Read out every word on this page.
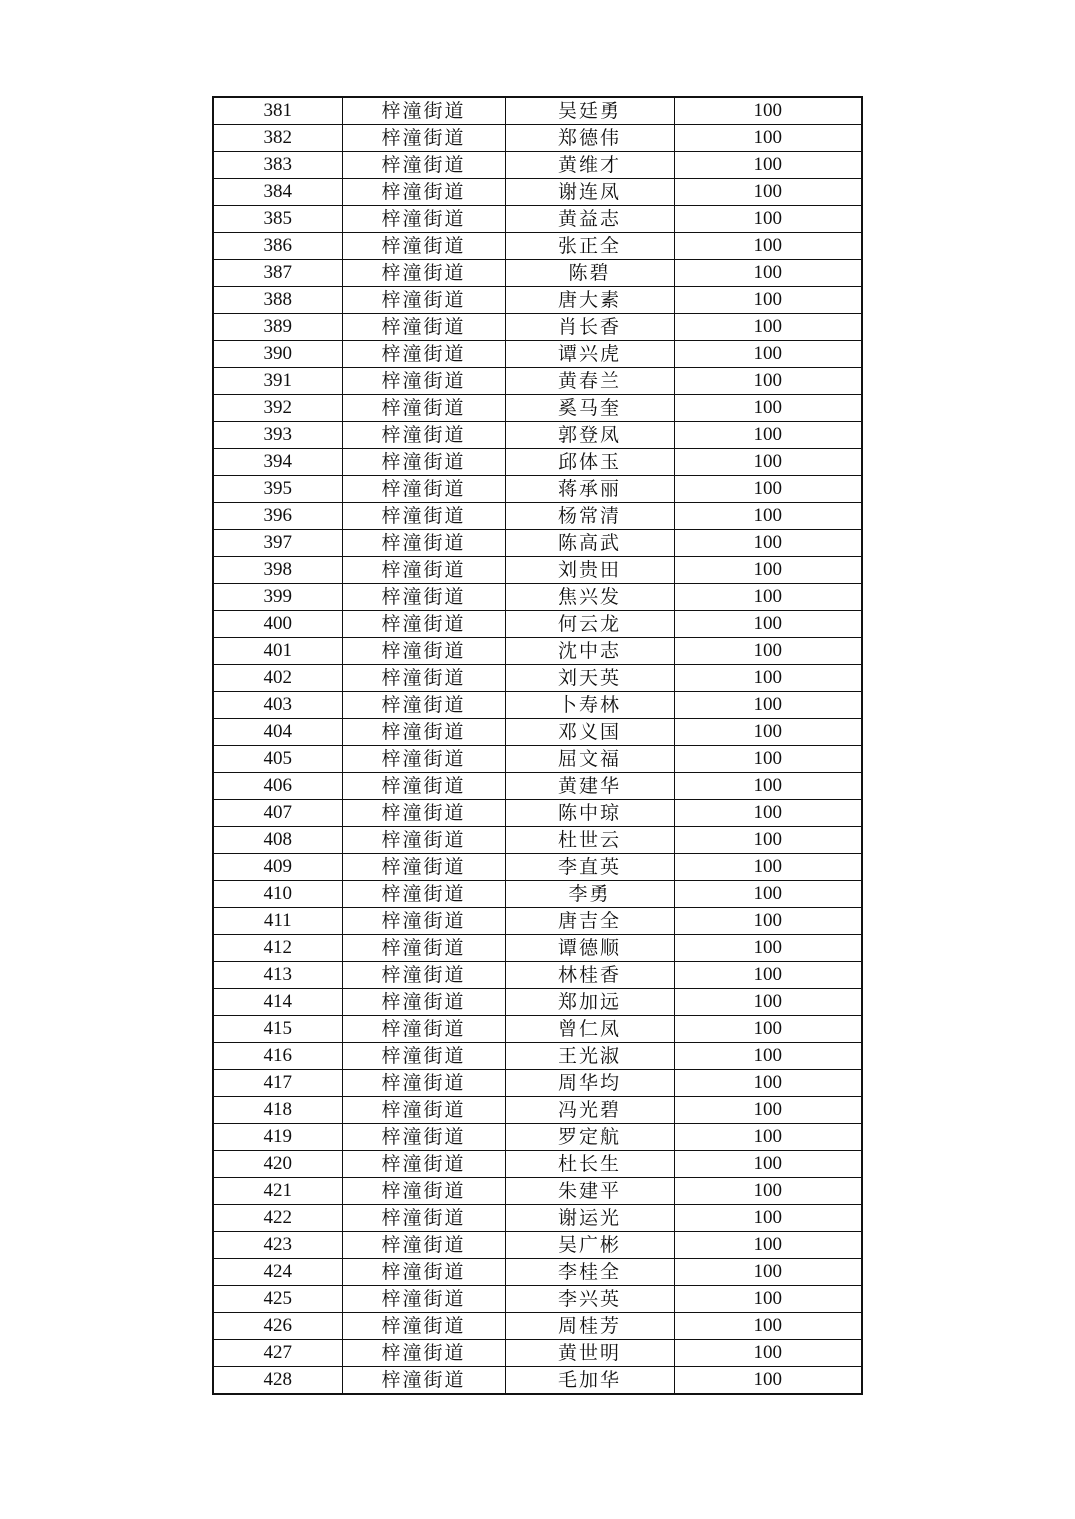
381	梓潼街道	吴廷勇	100
382	梓潼街道	郑德伟	100
383	梓潼街道	黄维才	100
384	梓潼街道	谢连凤	100
385	梓潼街道	黄益志	100
386	梓潼街道	张正全	100
387	梓潼街道	陈碧	100
388	梓潼街道	唐大素	100
389	梓潼街道	肖长香	100
390	梓潼街道	谭兴虎	100
391	梓潼街道	黄春兰	100
392	梓潼街道	奚马奎	100
393	梓潼街道	郭登凤	100
394	梓潼街道	邱体玉	100
395	梓潼街道	蒋承丽	100
396	梓潼街道	杨常清	100
397	梓潼街道	陈高武	100
398	梓潼街道	刘贵田	100
399	梓潼街道	焦兴发	100
400	梓潼街道	何云龙	100
401	梓潼街道	沈中志	100
402	梓潼街道	刘天英	100
403	梓潼街道	卜寿林	100
404	梓潼街道	邓义国	100
405	梓潼街道	屈文福	100
406	梓潼街道	黄建华	100
407	梓潼街道	陈中琼	100
408	梓潼街道	杜世云	100
409	梓潼街道	李直英	100
410	梓潼街道	李勇	100
411	梓潼街道	唐吉全	100
412	梓潼街道	谭德顺	100
413	梓潼街道	林桂香	100
414	梓潼街道	郑加远	100
415	梓潼街道	曾仁凤	100
416	梓潼街道	王光淑	100
417	梓潼街道	周华均	100
418	梓潼街道	冯光碧	100
419	梓潼街道	罗定航	100
420	梓潼街道	杜长生	100
421	梓潼街道	朱建平	100
422	梓潼街道	谢运光	100
423	梓潼街道	吴广彬	100
424	梓潼街道	李桂全	100
425	梓潼街道	李兴英	100
426	梓潼街道	周桂芳	100
427	梓潼街道	黄世明	100
428	梓潼街道	毛加华	100
